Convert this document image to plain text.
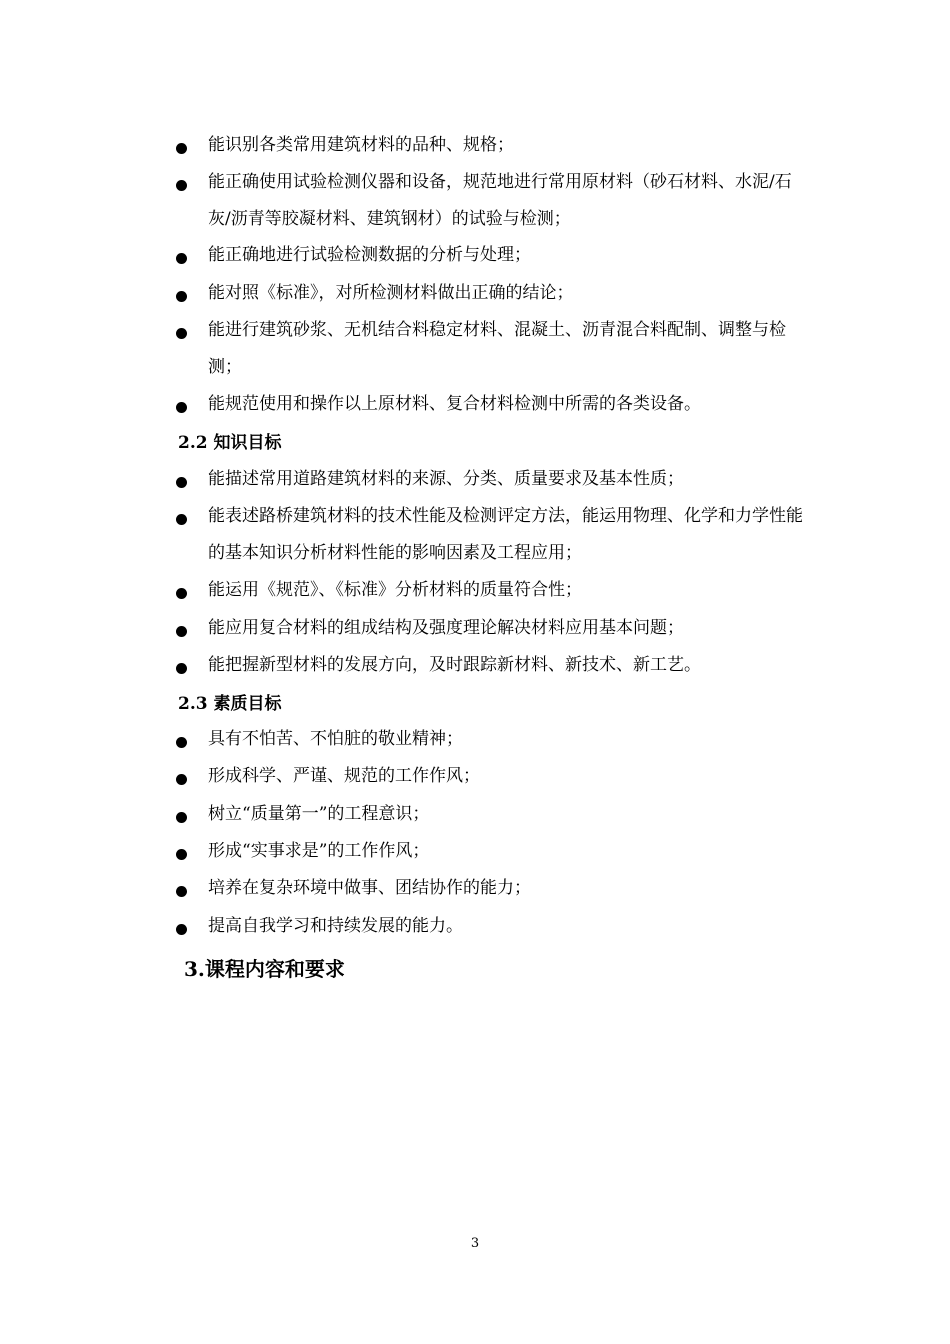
能识别各类常用建筑材料的品种、规格；
能正确使用试验检测仪器和设备，规范地进行常用原材料（砂石材料、水泥/石灰/沥青等胶凝材料、建筑钢材）的试验与检测；
能正确地进行试验检测数据的分析与处理；
能对照《标准》，对所检测材料做出正确的结论；
能进行建筑砂浆、无机结合料稳定材料、混凝土、沥青混合料配制、调整与检测；
能规范使用和操作以上原材料、复合材料检测中所需的各类设备。
2.2 知识目标
能描述常用道路建筑材料的来源、分类、质量要求及基本性质；
能表述路桥建筑材料的技术性能及检测评定方法，能运用物理、化学和力学性能的基本知识分析材料性能的影响因素及工程应用；
能运用《规范》、《标准》分析材料的质量符合性；
能应用复合材料的组成结构及强度理论解决材料应用基本问题；
能把握新型材料的发展方向，及时跟踪新材料、新技术、新工艺。
2.3 素质目标
具有不怕苦、不怕脏的敬业精神；
形成科学、严谨、规范的工作作风；
树立“质量第一”的工程意识；
形成“实事求是”的工作作风；
培养在复杂环境中做事、团结协作的能力；
提高自我学习和持续发展的能力。
3.课程内容和要求
3
